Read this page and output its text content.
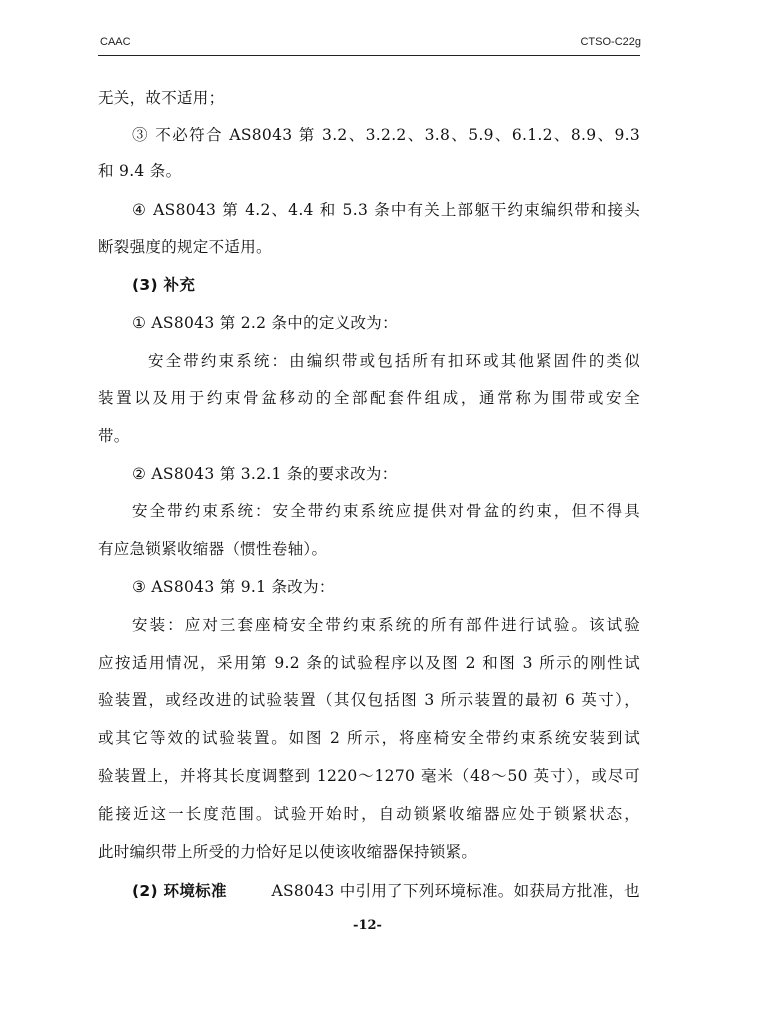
CAAC	CTSO-C22g
无关，故不适用；
③ 不必符合 AS8043 第 3.2、3.2.2、3.8、5.9、6.1.2、8.9、9.3
和 9.4 条。
④ AS8043 第 4.2、4.4 和 5.3 条中有关上部躯干约束编织带和接头
断裂强度的规定不适用。
(3) 补充
① AS8043 第 2.2 条中的定义改为：
安全带约束系统：由编织带或包括所有扣环或其他紧固件的类似
装置以及用于约束骨盆移动的全部配套件组成，通常称为围带或安全
带。
② AS8043 第 3.2.1 条的要求改为：
安全带约束系统：安全带约束系统应提供对骨盆的约束，但不得具
有应急锁紧收缩器（惯性卷轴）。
③ AS8043 第 9.1 条改为：
安装：应对三套座椅安全带约束系统的所有部件进行试验。该试验
应按适用情况，采用第 9.2 条的试验程序以及图 2 和图 3 所示的刚性试
验装置，或经改进的试验装置（其仅包括图 3 所示装置的最初 6 英寸），
或其它等效的试验装置。如图 2 所示，将座椅安全带约束系统安装到试
验装置上，并将其长度调整到 1220～1270 毫米（48～50 英寸），或尽可
能接近这一长度范围。试验开始时，自动锁紧收缩器应处于锁紧状态，
此时编织带上所受的力恰好足以使该收缩器保持锁紧。
(2) 环境标准	AS8043 中引用了下列环境标准。如获局方批准，也
-12-
